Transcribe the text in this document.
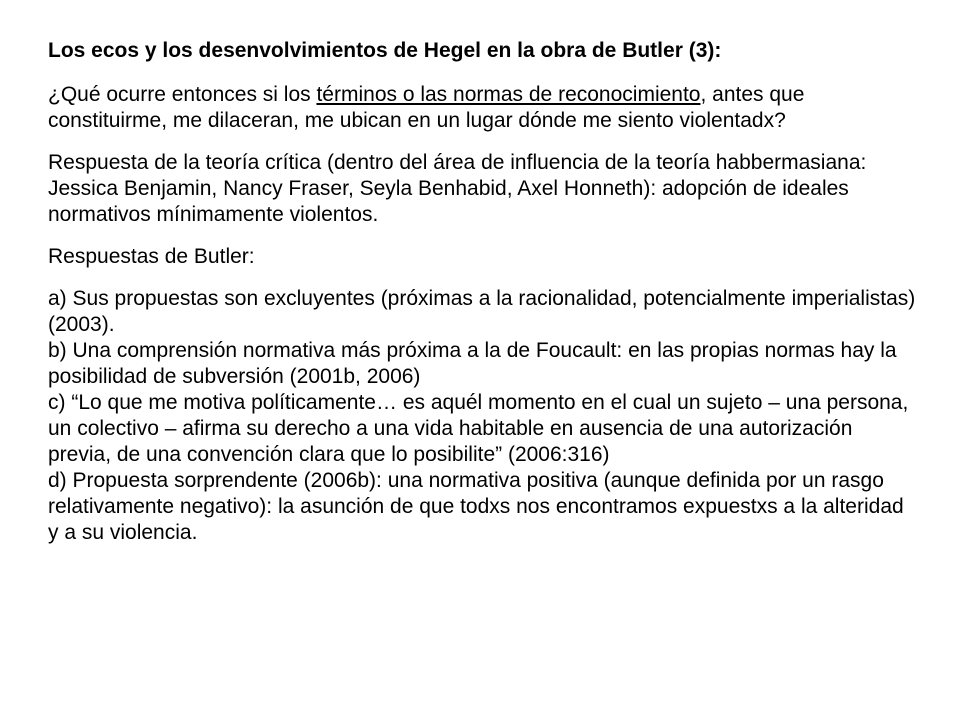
Los ecos y los desenvolvimientos de Hegel en la obra de Butler (3):
¿Qué ocurre entonces si los términos o las normas de reconocimiento, antes que constituirme, me dilaceran, me ubican en un lugar dónde me siento violentadx?
Respuesta de la teoría crítica (dentro del área de influencia de la teoría habbermasiana: Jessica Benjamin, Nancy Fraser, Seyla Benhabid, Axel Honneth): adopción de ideales normativos mínimamente violentos.
Respuestas de Butler:
a) Sus propuestas son excluyentes (próximas a la racionalidad, potencialmente imperialistas) (2003).
b) Una comprensión normativa más próxima a la de Foucault: en las propias normas hay la posibilidad de subversión (2001b, 2006)
c) “Lo que me motiva políticamente… es aquél momento en el cual un sujeto – una persona, un colectivo – afirma su derecho a una vida habitable en ausencia de una autorización previa, de una convención clara que lo posibilite” (2006:316)
d) Propuesta sorprendente (2006b): una normativa positiva (aunque definida por un rasgo relativamente negativo): la asunción de que todxs nos encontramos expuestxs a la alteridad y a su violencia.
